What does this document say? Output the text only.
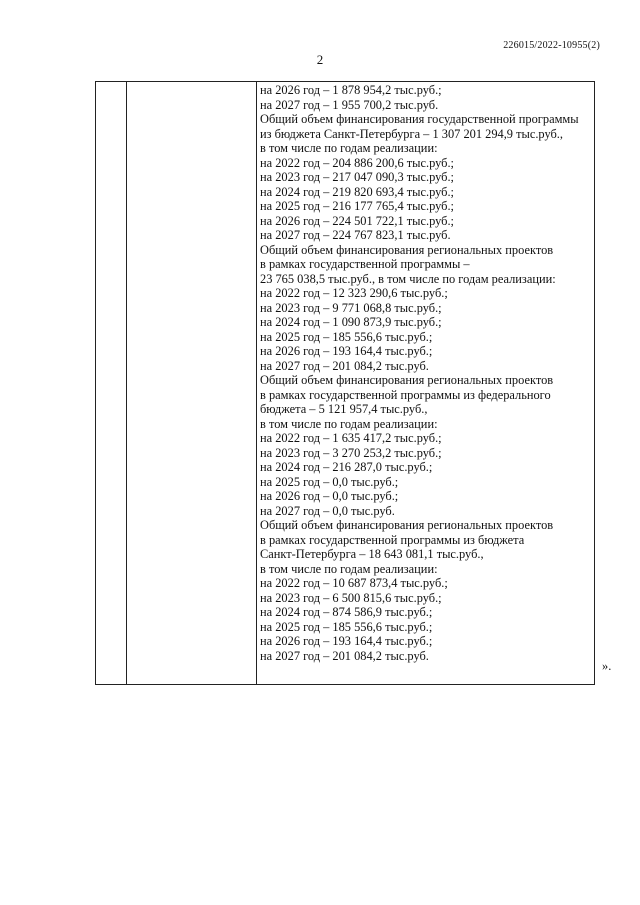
226015/2022-10955(2)
2
на 2026 год – 1 878 954,2 тыс.руб.;
на 2027 год – 1 955 700,2 тыс.руб.
Общий объем финансирования государственной программы
из бюджета Санкт-Петербурга – 1 307 201 294,9 тыс.руб.,
в том числе по годам реализации:
на 2022 год – 204 886 200,6 тыс.руб.;
на 2023 год – 217 047 090,3 тыс.руб.;
на 2024 год – 219 820 693,4 тыс.руб.;
на 2025 год – 216 177 765,4 тыс.руб.;
на 2026 год – 224 501 722,1 тыс.руб.;
на 2027 год – 224 767 823,1 тыс.руб.
Общий объем финансирования региональных проектов
в рамках государственной программы –
23 765 038,5 тыс.руб., в том числе по годам реализации:
на 2022 год – 12 323 290,6 тыс.руб.;
на 2023 год – 9 771 068,8 тыс.руб.;
на 2024 год – 1 090 873,9 тыс.руб.;
на 2025 год – 185 556,6 тыс.руб.;
на 2026 год – 193 164,4 тыс.руб.;
на 2027 год – 201 084,2 тыс.руб.
Общий объем финансирования региональных проектов
в рамках государственной программы из федерального
бюджета – 5 121 957,4 тыс.руб.,
в том числе по годам реализации:
на 2022 год – 1 635 417,2 тыс.руб.;
на 2023 год – 3 270 253,2 тыс.руб.;
на 2024 год – 216 287,0 тыс.руб.;
на 2025 год – 0,0 тыс.руб.;
на 2026 год – 0,0 тыс.руб.;
на 2027 год – 0,0 тыс.руб.
Общий объем финансирования региональных проектов
в рамках государственной программы из бюджета
Санкт-Петербурга – 18 643 081,1 тыс.руб.,
в том числе по годам реализации:
на 2022 год – 10 687 873,4 тыс.руб.;
на 2023 год – 6 500 815,6 тыс.руб.;
на 2024 год – 874 586,9 тыс.руб.;
на 2025 год – 185 556,6 тыс.руб.;
на 2026 год – 193 164,4 тыс.руб.;
на 2027 год – 201 084,2 тыс.руб.
».
